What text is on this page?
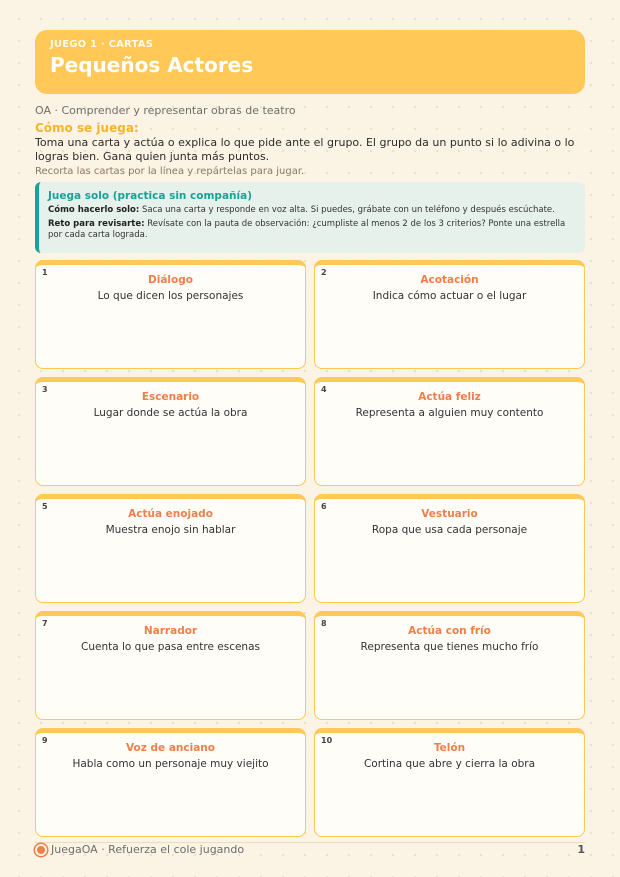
JUEGO 1 · CARTAS
Pequeños Actores
OA · Comprender y representar obras de teatro
Cómo se juega:
Toma una carta y actúa o explica lo que pide ante el grupo. El grupo da un punto si lo adivina o lo logras bien. Gana quien junta más puntos.
Recorta las cartas por la línea y repártelas para jugar.
Juega solo (practica sin compañía)

Cómo hacerlo solo: Saca una carta y responde en voz alta. Si puedes, grábate con un teléfono y después escúchate.

Reto para revisarte: Revísate con la pauta de observación: ¿cumpliste al menos 2 de los 3 criterios? Ponte una estrella por cada carta lograda.

1
Diálogo
Lo que dicen los personajes
2
Acotación
Indica cómo actuar o el lugar
3
Escenario
Lugar donde se actúa la obra
4
Actúa feliz
Representa a alguien muy contento
5
Actúa enojado
Muestra enojo sin hablar
6
Vestuario
Ropa que usa cada personaje
7
Narrador
Cuenta lo que pasa entre escenas
8
Actúa con frío
Representa que tienes mucho frío
9
Voz de anciano
Habla como un personaje muy viejito
10
Telón
Cortina que abre y cierra la obra
JuegaOA · Refuerza el cole jugando	1
